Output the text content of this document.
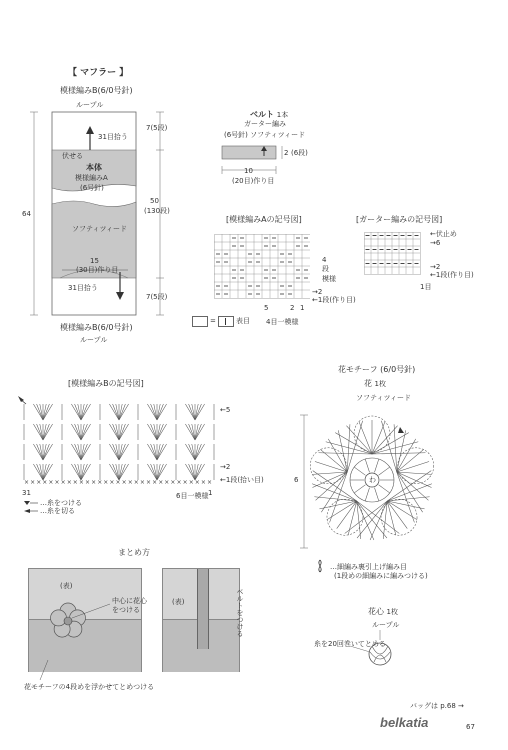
【 マフラー 】
模様編みB(6/0号針)
ループル
31目拾う
伏せる
本体
模様編みA
(6号針)
ソフティツィード
15
(30目)作り目
31目拾う
64
7(5段)
50
(130段)
7(5段)
模様編みB(6/0号針)
ループル
ベルト 1本
ガーター編み
(6号針) ソフティツィード
2 (6段)
10
(20目)作り目
[模様編みAの記号図]
4
段
模様
→2
←1段(作り目)
5	2 1
4目一模様
=	表目
[ガーター編みの記号図]
←伏止め
→6
→2
←1段(作り目)
1目
[模様編みBの記号図]
× × × × × × × × × × × × × × × × × × × × × × × × × × × × × × ×
←5
→2
←1段(拾い目)
31	1
6目一模様
…糸をつける
…糸を切る
花モチーフ (6/0号針)
花 1枚
ソフティツィード
6	わ
…細編み裏引上げ編み目
(1段めの細編みに編みつける)
花心 1枚
ループル
糸を20回巻いてとめる
まとめ方
(表)
中心に花心
をつける
(表)	ベルトをつける
花モチーフの4段めを浮かせてとめつける
バッグは p.68 →
belkatia	67
